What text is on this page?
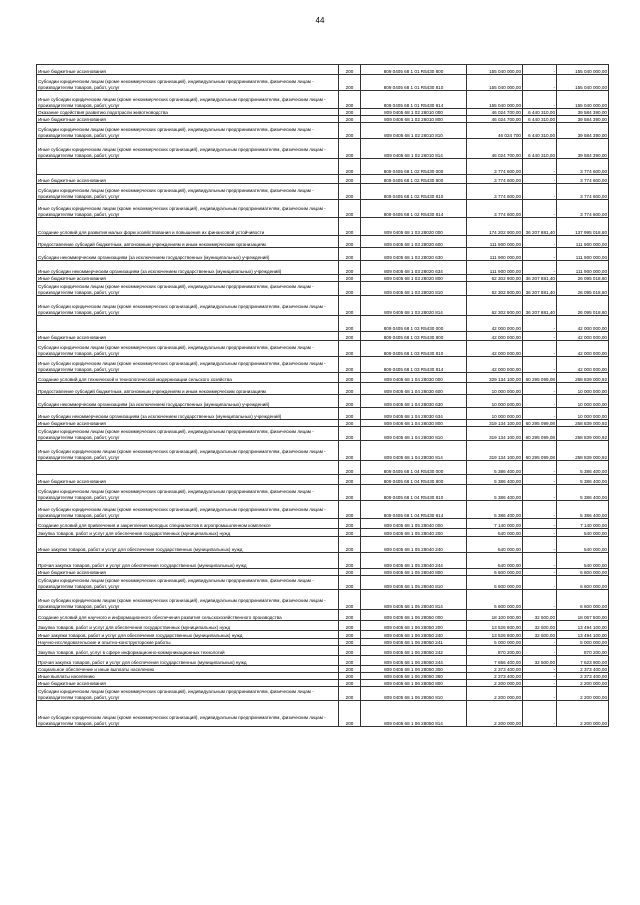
44
Иные бюджетные ассигнования	200	809 0405 68 1 01 R5430 800	155 040 000,00	-	155 040 000,00
Субсидии юридическим лицам (кроме некоммерческих организаций), индивидуальным предпринимателям, физическим лицам - производителям товаров, работ, услуг	200	809 0405 68 1 01 R5430 810	155 040 000,00	-	155 040 000,00
Иные субсидии юридическим лицам (кроме некоммерческих организаций), индивидуальным предпринимателям, физическим лицам - производителям товаров, работ, услуг	200	809 0405 68 1 01 R5430 814	155 040 000,00	-	155 040 000,00
Оказание содействия развитию подотрасли животноводства	200	809 0405 68 1 02 26010 000	46 024 700,00	6 440 310,00	39 584 390,00
Иные бюджетные ассигнования	200	809 0405 68 1 02 26010 800	46 024 700,00	6 440 310,00	39 584 390,00
Субсидии юридическим лицам (кроме некоммерческих организаций), индивидуальным предпринимателям, физическим лицам - производителям товаров, работ, услуг	200	809 0405 68 1 02 26010 810	46 024 700	6 440 310,00	39 584 390,00
Иные субсидии юридическим лицам (кроме некоммерческих организаций), индивидуальным предпринимателям, физическим лицам - производителям товаров, работ, услуг	200	809 0405 68 1 02 26010 814	46 024 700,00	6 440 310,00	39 584 390,00
	200	809 0405 68 1 02 R5430 000	3 774 600,00	-	3 774 600,00
Иные бюджетные ассигнования	200	809 0405 68 1 02 R5430 800	3 774 600,00	-	3 774 600,00
Субсидии юридическим лицам (кроме некоммерческих организаций), индивидуальным предпринимателям, физическим лицам - производителям товаров, работ, услуг	200	809 0405 68 1 02 R5430 810	3 774 600,00	-	3 774 600,00
Иные субсидии юридическим лицам (кроме некоммерческих организаций), индивидуальным предпринимателям, физическим лицам - производителям товаров, работ, услуг	200	809 0405 68 1 02 R5430 814	3 774 600,00	-	3 774 600,00
Создание условий для развития малых форм хозяйствования и повышения их финансовой устойчивости	200	809 0405 68 1 03 28020 000	174 202 900,00	36 207 881,40	137 995 018,60
Предоставление субсидий бюджетным, автономным учреждениям и иным некоммерческим организациям	200	809 0405 68 1 03 28020 600	111 900 000,00	-	111 900 000,00
Субсидии некоммерческим организациям (за исключением государственных (муниципальных) учреждений)	200	809 0405 68 1 03 28020 630	111 900 000,00	-	111 900 000,00
Иные субсидии некоммерческим организациям (за исключением государственных (муниципальных) учреждений)	200	809 0405 68 1 03 28020 634	111 900 000,00	-	111 900 000,00
Иные бюджетные ассигнования	200	809 0405 68 1 03 28020 800	62 302 900,00	36 207 881,40	26 095 018,60
Субсидии юридическим лицам (кроме некоммерческих организаций), индивидуальным предпринимателям, физическим лицам - производителям товаров, работ, услуг	200	809 0405 68 1 03 28020 810	62 302 900,00	36 207 881,40	26 095 018,60
Иные субсидии юридическим лицам (кроме некоммерческих организаций), индивидуальным предпринимателям, физическим лицам - производителям товаров, работ, услуг	200	809 0405 68 1 03 28020 814	62 302 900,00	36 207 881,40	26 095 018,60
	200	809 0405 68 1 03 R5430 000	42 000 000,00	-	42 000 000,00
Иные бюджетные ассигнования	200	809 0405 68 1 03 R5430 800	42 000 000,00	-	42 000 000,00
Субсидии юридическим лицам (кроме некоммерческих организаций), индивидуальным предпринимателям, физическим лицам - производителям товаров, работ, услуг	200	809 0405 68 1 03 R5430 810	42 000 000,00	-	42 000 000,00
Иные субсидии юридическим лицам (кроме некоммерческих организаций), индивидуальным предпринимателям, физическим лицам - производителям товаров, работ, услуг	200	809 0405 68 1 03 R5430 814	42 000 000,00	-	42 000 000,00
Создание условий для технической и технологической модернизации сельского хозяйства	200	809 0405 68 1 04 28030 000	329 134 100,00	60 295 099,08	268 839 000,92
Предоставление субсидий бюджетным, автономным учреждениям и иным некоммерческим организациям	200	809 0405 68 1 04 28030 600	10 000 000,00	-	10 000 000,00
Субсидии некоммерческим организациям (за исключением государственных (муниципальных) учреждений)	200	809 0405 68 1 04 28030 630	10 000 000,00	-	10 000 000,00
Иные субсидии некоммерческим организациям (за исключением государственных (муниципальных) учреждений)	200	809 0405 68 1 04 28030 634	10 000 000,00	-	10 000 000,00
Иные бюджетные ассигнования	200	809 0405 68 1 04 28030 800	319 134 100,00	60 295 099,08	258 839 000,92
Субсидии юридическим лицам (кроме некоммерческих организаций), индивидуальным предпринимателям, физическим лицам - производителям товаров, работ, услуг	200	809 0405 68 1 04 28030 810	319 134 100,00	60 295 099,08	258 839 000,92
Иные субсидии юридическим лицам (кроме некоммерческих организаций), индивидуальным предпринимателям, физическим лицам - производителям товаров, работ, услуг	200	809 0405 68 1 04 28030 814	319 134 100,00	60 295 099,08	258 839 000,92
	200	809 0405 68 1 04 R5430 000	5 386 400,00	-	5 386 400,00
Иные бюджетные ассигнования	200	809 0405 68 1 04 R5430 800	5 386 400,00	-	5 386 400,00
Субсидии юридическим лицам (кроме некоммерческих организаций), индивидуальным предпринимателям, физическим лицам - производителям товаров, работ, услуг	200	809 0405 68 1 04 R5430 810	5 386 400,00	-	5 386 400,00
Иные субсидии юридическим лицам (кроме некоммерческих организаций), индивидуальным предпринимателям, физическим лицам - производителям товаров, работ, услуг	200	809 0405 68 1 04 R5430 814	5 386 400,00	-	5 386 400,00
Создание условий для привлечения и закрепления молодых специалистов в агропромышленном комплексе	200	809 0405 68 1 05 28040 000	7 140 000,00	-	7 140 000,00
Закупка товаров, работ и услуг для обеспечения государственных (муниципальных) нужд	200	809 0405 68 1 05 28040 200	540 000,00	-	540 000,00
Иные закупки товаров, работ и услуг для обеспечения государственных (муниципальных) нужд	200	809 0405 68 1 05 28040 240	540 000,00	-	540 000,00
Прочая закупка товаров, работ и услуг для обеспечения государственных (муниципальных) нужд	200	809 0405 68 1 05 28040 244	540 000,00	-	540 000,00
Иные бюджетные ассигнования	200	809 0405 68 1 05 28040 800	6 600 000,00	-	6 600 000,00
Субсидии юридическим лицам (кроме некоммерческих организаций), индивидуальным предпринимателям, физическим лицам - производителям товаров, работ, услуг	200	809 0405 68 1 05 28040 810	6 600 000,00	-	6 600 000,00
Иные субсидии юридическим лицам (кроме некоммерческих организаций), индивидуальным предпринимателям, физическим лицам - производителям товаров, работ, услуг	200	809 0405 68 1 05 28040 814	6 600 000,00	-	6 600 000,00
Создание условий для научного и информационного обеспечения развития сельскохозяйственного производства	200	809 0405 68 1 06 28050 000	18 100 000,00	32 500,00	18 067 500,00
Закупка товаров, работ и услуг для обеспечения государственных (муниципальных) нужд	200	809 0405 68 1 06 28050 200	13 526 600,00	32 500,00	13 494 100,00
Иные закупки товаров, работ и услуг для обеспечения государственных (муниципальных) нужд	200	809 0405 68 1 06 28050 240	13 526 600,00	32 500,00	13 494 100,00
Научно-исследовательские и опытно-конструкторские работы	200	809 0405 68 1 06 28050 241	5 000 000,00	-	5 000 000,00
Закупка товаров, работ, услуг в сфере информационно-коммуникационных технологий	200	809 0405 68 1 06 28050 242	870 200,00	-	870 200,00
Прочая закупка товаров, работ и услуг для обеспечения государственных (муниципальных) нужд	200	809 0405 68 1 06 28050 244	7 656 400,00	32 500,00	7 623 900,00
Социальное обеспечение и иные выплаты населению	200	809 0405 68 1 06 28050 300	2 373 400,00	-	2 373 400,00
Иные выплаты населению	200	809 0405 68 1 06 28050 360	2 373 400,00	-	2 373 400,00
Иные бюджетные ассигнования	200	809 0405 68 1 06 28050 800	2 200 000,00	-	2 200 000,00
Субсидии юридическим лицам (кроме некоммерческих организаций), индивидуальным предпринимателям, физическим лицам - производителям товаров, работ, услуг	200	809 0405 68 1 06 28050 810	2 200 000,00	-	2 200 000,00
Иные субсидии юридическим лицам (кроме некоммерческих организаций), индивидуальным предпринимателям, физическим лицам - производителям товаров, работ, услуг	200	809 0405 68 1 06 28050 814	2 200 000,00	-	2 200 000,00
